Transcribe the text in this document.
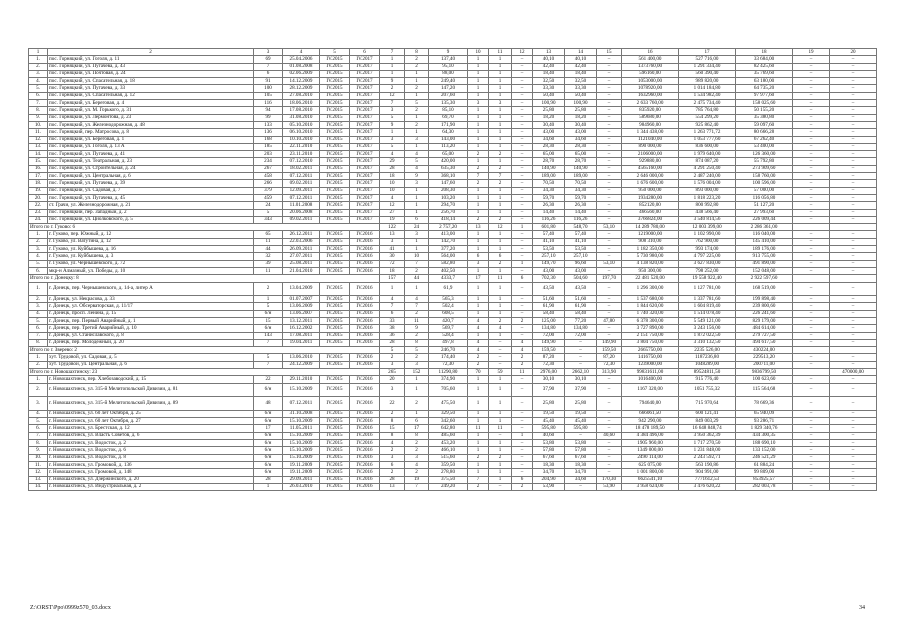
1	2	3	4	5	6	7	8	9	10	11	12	13	14	15	16	17	18	19	20
1.	пос. Горняцкий, ул. Гоголя, д. 11	69	25.04.2006	IV.2015	IV.2017	1	2	137,40	1	1	–	40,10	40,10	–	561 400,00	527 716,00	33 684,00	–	–
2.	пос. Горняцкий, ул. Пугачева, д. 43	7	01.08.2008	IV.2015	IV.2017	1	2	95,10	1	1	–	42,40	42,40	–	1373760,00	1 291 334,40	82 425,60	–	–
3.	пос. Горняцкий, ул. Почтовая, д. 24	6	02.06.2009	IV.2015	IV.2017	1	1	88,00	1	1	–	18,40	18,40	–	596160,00	560 390,40	35 769,60	–	–
4.	пос. Горняцкий, ул. Спасательная, д. 18	91	14.12.2009	IV.2015	IV.2017	9	1	249,40	1	1	–	32,50	32,50	–	1053000,00	989 820,00	63 180,00	–	–
5.	пос. Горняцкий, ул. Пугачева, д. 33	100	28.12.2009	IV.2015	IV.2017	2	2	147,20	1	1	–	33,30	33,30	–	1078920,00	1 014 184,80	64 735,20	–	–
6.	пос. Горняцкий, ул. Спасательная, д. 12	105	27.08.2010	IV.2015	IV.2017	12	1	207,60	1	1	–	50,40	50,40	–	1632960,00	1 534 982,40	97 977,60	–	–
7.	пос. Горняцкий, ул. Береговая, д. 4	116	18.06.2010	IV.2015	IV.2017	7	5	135,30	3	3	–	100,90	100,90	–	2 633 760,00	2 475 734,40	158 025,60	–	–
8.	пос. Горняцкий, ул. М. Горького, д. 31	94	17.08.2010	IV.2015	IV.2017	3	2	85,10	1	1	–	25,80	25,80	–	835920,00	785 764,80	50 155,20	–	–
9.	пос. Горняцкий, ул. Лермонтова, д. 23	99	31.08.2010	IV.2015	IV.2017	5	1	69,70	1	1	–	18,20	18,20	–	589680,00	554 299,20	35 380,80	–	–
10.	пос. Горняцкий, ул. Железнодорожная, д. 48	133	05.10.2010	IV.2015	IV.2017	9	2	171,90	1	1	–	30,40	30,40	–	984960,00	925 862,40	59 097,60	–	–
11.	пос. Горняцкий, пер. Матросова, д. 8	136	06.10.2010	IV.2015	IV.2017	1	1	64,30	1	1	–	43,00	43,00	–	1 344 438,00	1 263 771,72	80 666,28	–	–
12.	пос. Горняцкий, ул. Береговая, д. 1	168	10.10.2010	IV.2015	IV.2017	3	3	143,00	1	1	–	34,60	34,60	–	1121040,00	1 053 777,60	67 262,40	–	–
13.	пос. Горняцкий, ул. Гоголя, д. 13 А	185	22.11.2010	IV.2015	IV.2017	5	1	113,20	1	1	–	28,30	28,30	–	890 000,00	836 600,00	53 400,00	–	–
14.	пос. Горняцкий, ул. Пугачева, д. 41	203	23.11.2010	IV.2015	IV.2017	4	4	65,00	2	2	–	65,00	65,00	–	2106000,00	1 979 640,00	126 360,00	–	–
15.	пос. Горняцкий, ул. Театральная, д. 23	234	07.12.2010	IV.2015	IV.2017	29	5	420,00	1	1	–	28,70	28,70	–	929880,00	874 087,20	55 792,80	–	–
16.	пос. Горняцкий, ул. Строительная, д. 24	267	18.02.2011	IV.2015	IV.2017	28	4	635,30	2	2	–	140,90	140,90	–	4565160,00	4 291 250,40	273 909,60	–	–
17.	пос. Горняцкий, ул. Центральная, д. 6	458	07.12.2011	IV.2015	IV.2017	18	9	368,10	7	7	–	189,00	189,00	–	2 646 000,00	2 487 240,00	158 760,00	–	–
18.	пос. Горняцкий, ул. Пугачева, д. 39	266	09.02.2011	IV.2015	IV.2017	10	3	147,60	2	2	–	70,50	70,50	–	1 676 600,00	1 576 004,00	100 596,00	–	–
19.	пос. Горняцкий, ул. Садовая, д. 7	379	12.09.2011	IV.2015	IV.2017	10	1	208,30	1	1	–	34,30	34,30	–	950 000,00	893 000,00	57 000,00	–	–
20.	пос. Горняцкий, ул. Пугачева, д. 45	459	07.12.2011	IV.2015	IV.2017	4	1	103,20	1	1	–	59,70	59,70	–	1934280,00	1 818 223,20	116 056,80	–	–
22.	ст. Грачи, ул. Железнодорожная, д. 21	24	11.01.2008	IV.2015	IV.2017	12	1	294,70	1	1	–	26,30	26,30	–	852120,00	800 992,80	51 127,20	–	–
23.	пос. Горняцкий, пер. Западный, д. 2	5	20.06.2008	IV.2015	IV.2017	27	1	256,70	1	1	–	14,40	14,40	–	466560,00	438 566,40	27 993,60	–	–
24.	пос. Горняцкий, ул. Циолковского, д. 5	343	09.02.2011	IV.2015	IV.2017	19	6	418,14	2	2	–	116,26	116,26	–	3766824,00	3 540 814,56	226 009,44	–	–
Итого по г. Гуково: 6						122	24	2 757,20	13	12	1	601,80	548,70	53,10	14 289 780,00	12 003 399,00	2 286 361,00		
1.	г. Гуково, пер. Южный, д. 12	65	26.12.2011	IV.2015	IV.2016	13	3	413,00	1	1	–	57,40	57,40	–	1219000,00	1 102 990,00	116 040,00	–	–
2.	г. Гуково, ул. Ватутина, д. 12	11	22.03.2006	IV.2015	IV.2016	3	1	142,70	1	1	–	41,10	41,10	–	908 310,00	762 900,00	145 410,00	–	–
3.	г. Гуково, ул. Куйбышева, д. 16	44	26.09.2011	IV.2015	IV.2016	41	1	377,20	1	1	–	53,50	53,50	–	1 182 350,00	993 174,00	189 176,00	–	–
4.	г. Гуково, ул. Куйбышева, д. 3	32	27.07.2011	IV.2015	IV.2016	30	10	564,00	6	6	–	257,10	257,10	–	5 730 980,00	4 797 225,00	913 755,00	–	–
5.	г. Гуково, ул. Чернышевского, д. 72	39	25.08.2011	IV.2015	IV.2016	72	7	582,80	3	2	1	149,70	96,60	53,10	4 138 820,00	3 627 830,00	491 890,00	–	–
6.	мкр-н Алмазный, ул. Победы, д. 10	11	21.04.2010	IV.2015	IV.2016	18	2	402,50	1	1	–	43,00	43,00	–	950 300,00	798 252,00	152 048,00	–	–
Итого по г. Донецку: 8						157	44	4333,7	17	11	6	702,30	504,60	197,70	22 481 520,00	19 558 922,40	2 922 597,60		
1.	г. Донецк, пер. Чернышевского, д. 14-а, литер А	2	13.04.2009	IV.2015	IV.2016	1	1	61,9	1	1	–	43,50	43,50	–	1 296 300,00	1 127 781,00	168 519,00	–	–
2.	г. Донецк, ул. Некрасова, д. 33	1	01.07.2007	IV.2015	IV.2016	4	4	565,3	1	1	–	51,60	51,60	–	1 537 680,00	1 337 781,60	199 898,40	–	–
3.	г. Донецк, ул. Обсерваторская, д. 11/17	5	13.06.2009	IV.2015	IV.2016	7	7	502,4	1	1	–	61,90	61,90	–	1 844 620,00	1 604 819,40	239 800,60	–	–
4.	г. Донецк, просп. Ленина, д. 15	6/н	13.06.2007	IV.2015	IV.2016	6	2	608,5	1	1	–	58,40	58,40	–	1 740 320,00	1 514 078,40	226 241,60	–	–
5.	г. Донецк, пер. Первый Аварийный, д. 1	15	13.12.2011	IV.2015	IV.2016	33	11	420,7	4	2	2	125,00	77,20	47,80	6 378 300,00	5 549 121,00	829 179,00	–	–
6.	г. Донецк, пер. Третий Аварийный, д. 10	6/н	16.12.2002	IV.2015	IV.2016	38	9	569,7	4	4	–	134,80	134,80	–	3 727 890,00	3 243 156,00	484 614,00	–	–
7.	г. Донецк, ул. Станиславского, д. 8	143	17.08.2011	IV.2015	IV.2016	36	2	528,4	1	1	–	72,00	72,00	–	2 151 750,00	1 872 022,50	279 727,50	–	–
8.	г. Донецк, пер. Молодежный, д. 20	7	19.04.2011	IV.2015	IV.2016	28	8	497,8	4	–	4	149,90	–	149,90	3 804 750,00	3 310 132,50	494 617,50	–	–
Итого по г. Зверево: 2						5	5	246,70	4	–	4	159,50	–	159,50	2665750,00	2235 526,00	430224,00		
1.	хут. Трудовой, ул. Садовая, д. 5	5	13.06.2010	IV.2015	IV.2016	2	2	174,40	2	–	2	87,20	–	87,20	1416750,00	1187236,80	229513,20	–	–
2.	хут. Трудовой, ул. Центральная, д. 6	7	24.12.2009	IV.2015	IV.2016	3	3	72,30	2	–	2	72,30	–	72,30	1239000,00	1048289,00	200711,00	–	–
Итого по г. Новошахтинску: 23						265	152	11290,80	70	59	11	2976,00	2662,10	313,90	99831611,00	89524811,50	9836799,50		470000,00
1.	г. Новошахтинск, пер. Хлебозаводский, д. 15	22	29.11.2010	IV.2015	IV.2016	20	1	374,90	1	1	–	30,10	30,10	–	1016400,00	915 776,40	100 623,60	–	–
2.	г. Новошахтинск, ул. 315-й Мелитопольской Дивизии, д. 81	6/н	15.10.2009	IV.2015	IV.2016	3	1	705,60	1	1	–	37,90	37,90	–	1167 320,00	1051 755,32	115 564,68	–	–
3.	г. Новошахтинск, ул. 315-й Мелитопольской Дивизии, д. 89	48	07.12.2011	IV.2015	IV.2016	22	2	475,50	1	1	–	25,80	25,80	–	794640,00	715 970,64	78 669,36	–	–
4.	г. Новошахтинск, ул. 60 лет Октября, д. 25	6/н	31.10.2008	IV.2015	IV.2016	2	1	329,50	1	1	–	19,50	19,50	–	666061,50	600 121,41	65 940,09	–	–
5.	г. Новошахтинск, ул. 60 лет Октября, д. 27	6/н	15.10.2009	IV.2015	IV.2016	8	6	342,60	1	1	–	45,40	45,40	–	942 290,00	849 003,29	93 286,71	–	–
6.	г. Новошахтинск, ул. Брестская, д. 12	17	11.05.2011	IV.2015	IV.2016	15	17	642,80	11	11	–	595,80	595,80	–	18 478 189,50	16 648 848,74	1 829 340,76	–	–
7.	г. Новошахтинск, ул. Власть Советов, д. 6	6/н	15.10.2009	IV.2015	IV.2016	8	8	485,60	1	–	1	40,60	–	40,60	4 384 496,00	3 950 362,39	434 300,35	–	–
8.	г. Новошахтинск, ул. Водосток, д. 2	6/н	15.10.2009	IV.2015	IV.2016	4	2	453,20	1	1	–	53,80	53,80	–	1905 960,00	1 717 270,50	188 690,10	–	–
9.	г. Новошахтинск, ул. Водосток, д. 6	6/н	15.10.2009	IV.2015	IV.2016	2	2	466,10	1	1	–	57,80	57,80	–	1349 000,00	1 231 848,00	133 152,00	–	–
10.	г. Новошахтинск, ул. Водосток, д. 8	6/н	15.10.2009	IV.2015	IV.2016	3	3	515,60	2	2	–	67,60	67,60	–	2490 114,00	2 243 592,71	246 521,29	–	–
11.	г. Новошахтинск, ул. Громовой, д. 136	6/н	19.11.2009	IV.2015	IV.2016	6	4	359,50	1	1	–	18,30	18,30	–	625 075,00	563 190,86	61 884,24	–	–
12.	г. Новошахтинск, ул. Громовой, д. 148	6/н	19.11.2009	IV.2015	IV.2016	2	2	278,80	1	1	–	34,70	34,70	–	1 001 800,00	904 991,00	99 809,00	–	–
13.	г. Новошахтинск, ул. Дзержинского, д. 20	28	29.09.2011	IV.2015	IV.2016	28	19	375,50	7	1	6	204,90	34,60	170,30	6625541,10	7771612,53	853925,57	–	–
14.	г. Новошахтинск, ул. Индустриальная, д. 2	1	26.03.2010	IV.2015	IV.2016	13	7	249,20	2	–	2	53,90	–	53,90	3 958 624,00	3 476 620,22	282 003,78	–	–
Z:\ORST\Ppo\0999z570_03.docx	34
